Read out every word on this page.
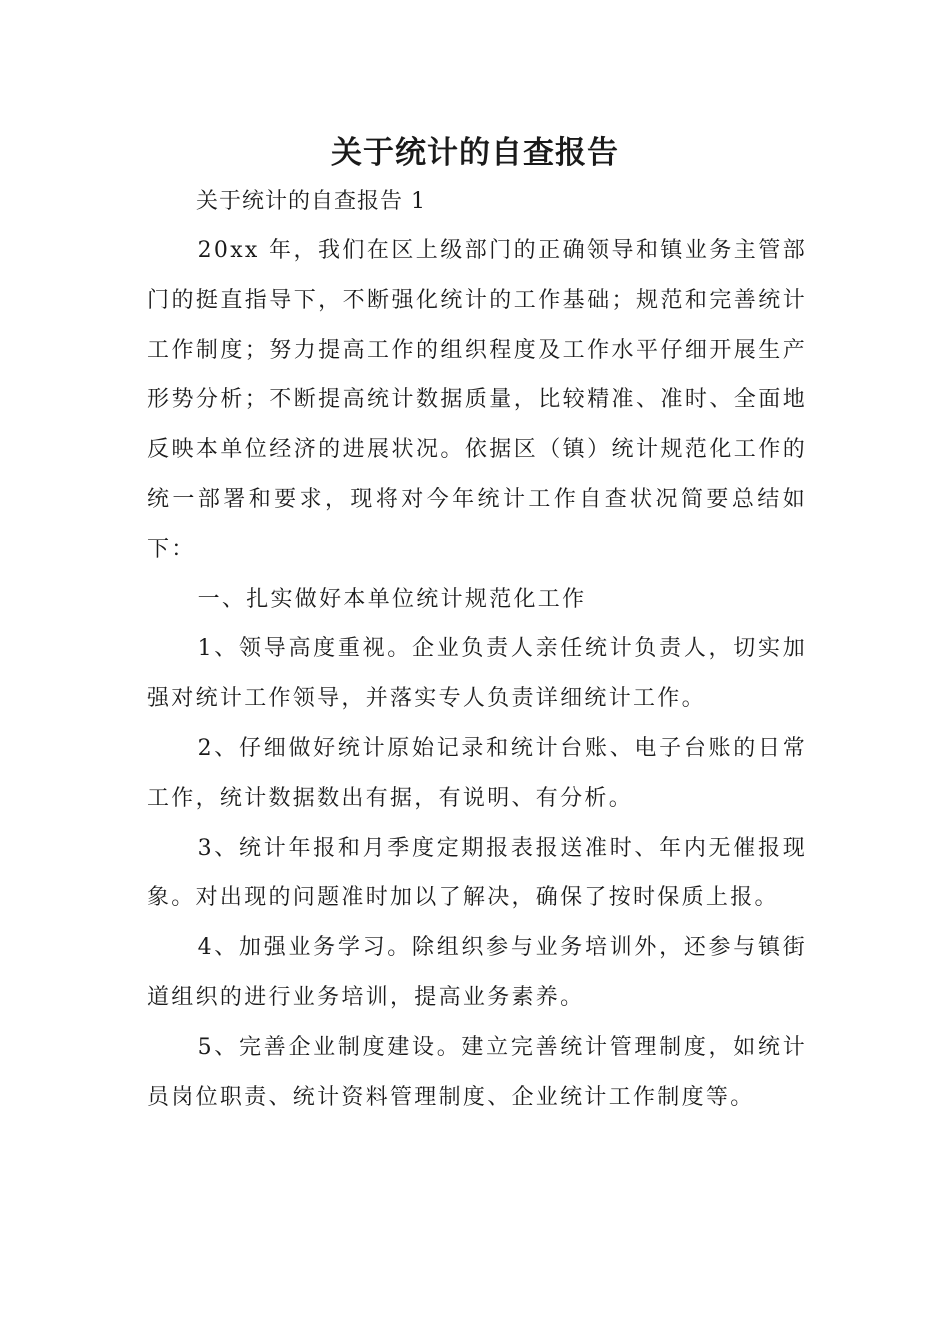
关于统计的自查报告

关于统计的自查报告 1

20xx 年，我们在区上级部门的正确领导和镇业务主管部门的挺直指导下，不断强化统计的工作基础；规范和完善统计工作制度；努力提高工作的组织程度及工作水平仔细开展生产形势分析；不断提高统计数据质量，比较精准、准时、全面地反映本单位经济的进展状况。依据区（镇）统计规范化工作的统一部署和要求，现将对今年统计工作自查状况简要总结如下：

一、扎实做好本单位统计规范化工作

1、领导高度重视。企业负责人亲任统计负责人，切实加强对统计工作领导，并落实专人负责详细统计工作。

2、仔细做好统计原始记录和统计台账、电子台账的日常工作，统计数据数出有据，有说明、有分析。

3、统计年报和月季度定期报表报送准时、年内无催报现象。对出现的问题准时加以了解决，确保了按时保质上报。

4、加强业务学习。除组织参与业务培训外，还参与镇街道组织的进行业务培训，提高业务素养。

5、完善企业制度建设。建立完善统计管理制度，如统计员岗位职责、统计资料管理制度、企业统计工作制度等。
